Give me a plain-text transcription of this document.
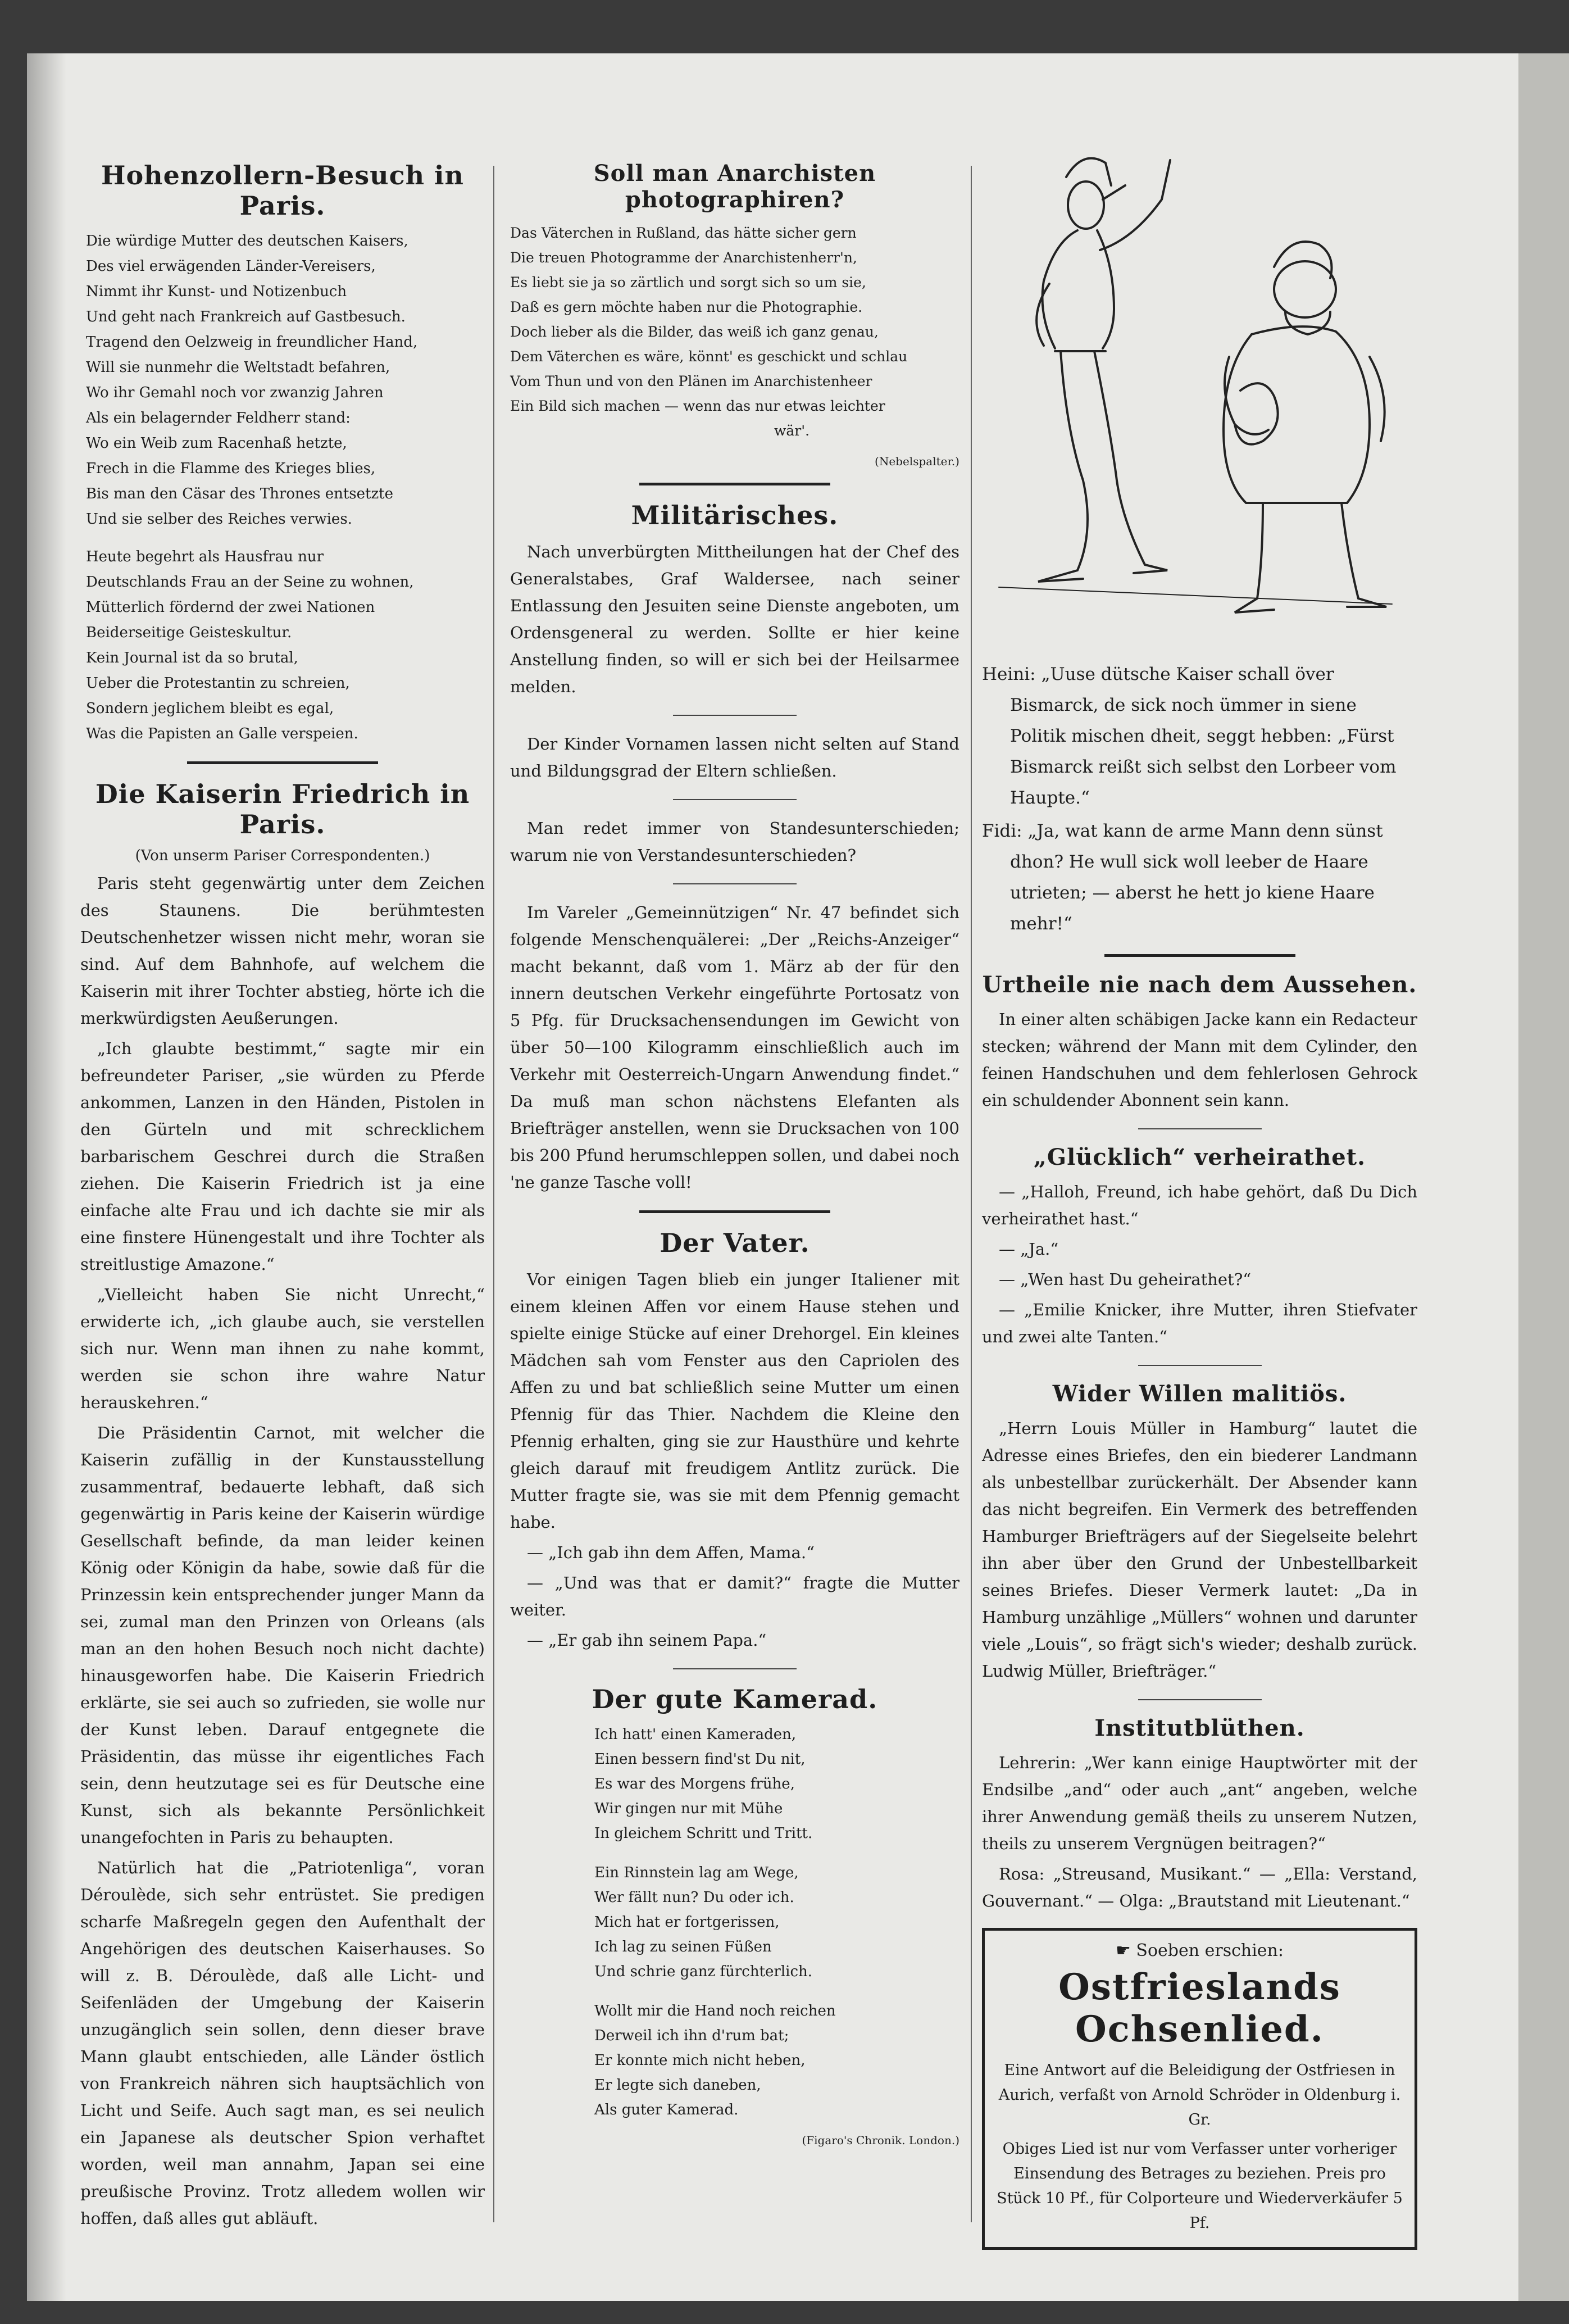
Hohenzollern-Besuch in Paris.

Die würdige Mutter des deutschen Kaisers,

Des viel erwägenden Länder-Vereisers,

Nimmt ihr Kunst- und Notizenbuch

Und geht nach Frankreich auf Gastbesuch.

Tragend den Oelzweig in freundlicher Hand,

Will sie nunmehr die Weltstadt befahren,

Wo ihr Gemahl noch vor zwanzig Jahren

Als ein belagernder Feldherr stand:

Wo ein Weib zum Racenhaß hetzte,

Frech in die Flamme des Krieges blies,

Bis man den Cäsar des Thrones entsetzte

Und sie selber des Reiches verwies.

Heute begehrt als Hausfrau nur

Deutschlands Frau an der Seine zu wohnen,

Mütterlich fördernd der zwei Nationen

Beiderseitige Geisteskultur.

Kein Journal ist da so brutal,

Ueber die Protestantin zu schreien,

Sondern jeglichem bleibt es egal,

Was die Papisten an Galle verspeien.

Die Kaiserin Friedrich in Paris.

(Von unserm Pariser Correspondenten.)

Paris steht gegenwärtig unter dem Zeichen des Staunens. Die berühmtesten Deutschenhetzer wissen nicht mehr, woran sie sind. Auf dem Bahnhofe, auf welchem die Kaiserin mit ihrer Tochter abstieg, hörte ich die merkwürdigsten Aeußerungen.

„Ich glaubte bestimmt,“ sagte mir ein befreundeter Pariser, „sie würden zu Pferde ankommen, Lanzen in den Händen, Pistolen in den Gürteln und mit schrecklichem barbarischem Geschrei durch die Straßen ziehen. Die Kaiserin Friedrich ist ja eine einfache alte Frau und ich dachte sie mir als eine finstere Hünengestalt und ihre Tochter als streitlustige Amazone.“

„Vielleicht haben Sie nicht Unrecht,“ erwiderte ich, „ich glaube auch, sie verstellen sich nur. Wenn man ihnen zu nahe kommt, werden sie schon ihre wahre Natur herauskehren.“

Die Präsidentin Carnot, mit welcher die Kaiserin zufällig in der Kunstausstellung zusammentraf, bedauerte lebhaft, daß sich gegenwärtig in Paris keine der Kaiserin würdige Gesellschaft befinde, da man leider keinen König oder Königin da habe, sowie daß für die Prinzessin kein entsprechender junger Mann da sei, zumal man den Prinzen von Orleans (als man an den hohen Besuch noch nicht dachte) hinausgeworfen habe. Die Kaiserin Friedrich erklärte, sie sei auch so zufrieden, sie wolle nur der Kunst leben. Darauf entgegnete die Präsidentin, das müsse ihr eigentliches Fach sein, denn heutzutage sei es für Deutsche eine Kunst, sich als bekannte Persönlichkeit unangefochten in Paris zu behaupten.

Natürlich hat die „Patriotenliga“, voran Déroulède, sich sehr entrüstet. Sie predigen scharfe Maßregeln gegen den Aufenthalt der Angehörigen des deutschen Kaiserhauses. So will z. B. Déroulède, daß alle Licht- und Seifenläden der Umgebung der Kaiserin unzugänglich sein sollen, denn dieser brave Mann glaubt entschieden, alle Länder östlich von Frankreich nähren sich hauptsächlich von Licht und Seife. Auch sagt man, es sei neulich ein Japanese als deutscher Spion verhaftet worden, weil man annahm, Japan sei eine preußische Provinz. Trotz alledem wollen wir hoffen, daß alles gut abläuft.

Soll man Anarchisten photographiren?

Das Väterchen in Rußland, das hätte sicher gern

Die treuen Photogramme der Anarchistenherr'n,

Es liebt sie ja so zärtlich und sorgt sich so um sie,

Daß es gern möchte haben nur die Photographie.

Doch lieber als die Bilder, das weiß ich ganz genau,

Dem Väterchen es wäre, könnt' es geschickt und schlau

Vom Thun und von den Plänen im Anarchistenheer

Ein Bild sich machen — wenn das nur etwas leichter

wär'.

(Nebelspalter.)

Militärisches.

Nach unverbürgten Mittheilungen hat der Chef des Generalstabes, Graf Waldersee, nach seiner Entlassung den Jesuiten seine Dienste angeboten, um Ordensgeneral zu werden. Sollte er hier keine Anstellung finden, so will er sich bei der Heilsarmee melden.

Der Kinder Vornamen lassen nicht selten auf Stand und Bildungsgrad der Eltern schließen.

Man redet immer von Standesunterschieden; warum nie von Verstandesunterschieden?

Im Vareler „Gemeinnützigen“ Nr. 47 befindet sich folgende Menschenquälerei: „Der „Reichs-Anzeiger“ macht bekannt, daß vom 1. März ab der für den innern deutschen Verkehr eingeführte Portosatz von 5 Pfg. für Drucksachensendungen im Gewicht von über 50—100 Kilogramm einschließlich auch im Verkehr mit Oesterreich-Ungarn Anwendung findet.“ Da muß man schon nächstens Elefanten als Briefträger anstellen, wenn sie Drucksachen von 100 bis 200 Pfund herumschleppen sollen, und dabei noch 'ne ganze Tasche voll!

Der Vater.

Vor einigen Tagen blieb ein junger Italiener mit einem kleinen Affen vor einem Hause stehen und spielte einige Stücke auf einer Drehorgel. Ein kleines Mädchen sah vom Fenster aus den Capriolen des Affen zu und bat schließlich seine Mutter um einen Pfennig für das Thier. Nachdem die Kleine den Pfennig erhalten, ging sie zur Hausthüre und kehrte gleich darauf mit freudigem Antlitz zurück. Die Mutter fragte sie, was sie mit dem Pfennig gemacht habe.

— „Ich gab ihn dem Affen, Mama.“

— „Und was that er damit?“ fragte die Mutter weiter.

— „Er gab ihn seinem Papa.“

Der gute Kamerad.

Ich hatt' einen Kameraden,

Einen bessern find'st Du nit,

Es war des Morgens frühe,

Wir gingen nur mit Mühe

In gleichem Schritt und Tritt.

Ein Rinnstein lag am Wege,

Wer fällt nun? Du oder ich.

Mich hat er fortgerissen,

Ich lag zu seinen Füßen

Und schrie ganz fürchterlich.

Wollt mir die Hand noch reichen

Derweil ich ihn d'rum bat;

Er konnte mich nicht heben,

Er legte sich daneben,

Als guter Kamerad.

(Figaro's Chronik. London.)

Heini: „Uuse dütsche Kaiser schall över Bismarck, de sick noch ümmer in siene Politik mischen dheit, seggt hebben: „Fürst Bismarck reißt sich selbst den Lorbeer vom Haupte.“

Fidi: „Ja, wat kann de arme Mann denn sünst dhon? He wull sick woll leeber de Haare utrieten; — aberst he hett jo kiene Haare mehr!“

Urtheile nie nach dem Aussehen.

In einer alten schäbigen Jacke kann ein Redacteur stecken; während der Mann mit dem Cylinder, den feinen Handschuhen und dem fehlerlosen Gehrock ein schuldender Abonnent sein kann.

„Glücklich“ verheirathet.

— „Halloh, Freund, ich habe gehört, daß Du Dich verheirathet hast.“

— „Ja.“

— „Wen hast Du geheirathet?“

— „Emilie Knicker, ihre Mutter, ihren Stiefvater und zwei alte Tanten.“

Wider Willen malitiös.

„Herrn Louis Müller in Hamburg“ lautet die Adresse eines Briefes, den ein biederer Landmann als unbestellbar zurückerhält. Der Absender kann das nicht begreifen. Ein Vermerk des betreffenden Hamburger Briefträgers auf der Siegelseite belehrt ihn aber über den Grund der Unbestellbarkeit seines Briefes. Dieser Vermerk lautet: „Da in Hamburg unzählige „Müllers“ wohnen und darunter viele „Louis“, so frägt sich's wieder; deshalb zurück. Ludwig Müller, Briefträger.“

Institutblüthen.

Lehrerin: „Wer kann einige Hauptwörter mit der Endsilbe „and“ oder auch „ant“ angeben, welche ihrer Anwendung gemäß theils zu unserem Nutzen, theils zu unserem Vergnügen beitragen?“

Rosa: „Streusand, Musikant.“ — „Ella: Verstand, Gouvernant.“ — Olga: „Brautstand mit Lieutenant.“

☛ Soeben erschien:
Ostfrieslands Ochsenlied.
Eine Antwort auf die Beleidigung der Ostfriesen in Aurich, verfaßt von Arnold Schröder in Oldenburg i. Gr.
Obiges Lied ist nur vom Verfasser unter vorheriger Einsendung des Betrages zu beziehen. Preis pro Stück 10 Pf., für Colporteure und Wiederverkäufer 5 Pf.
